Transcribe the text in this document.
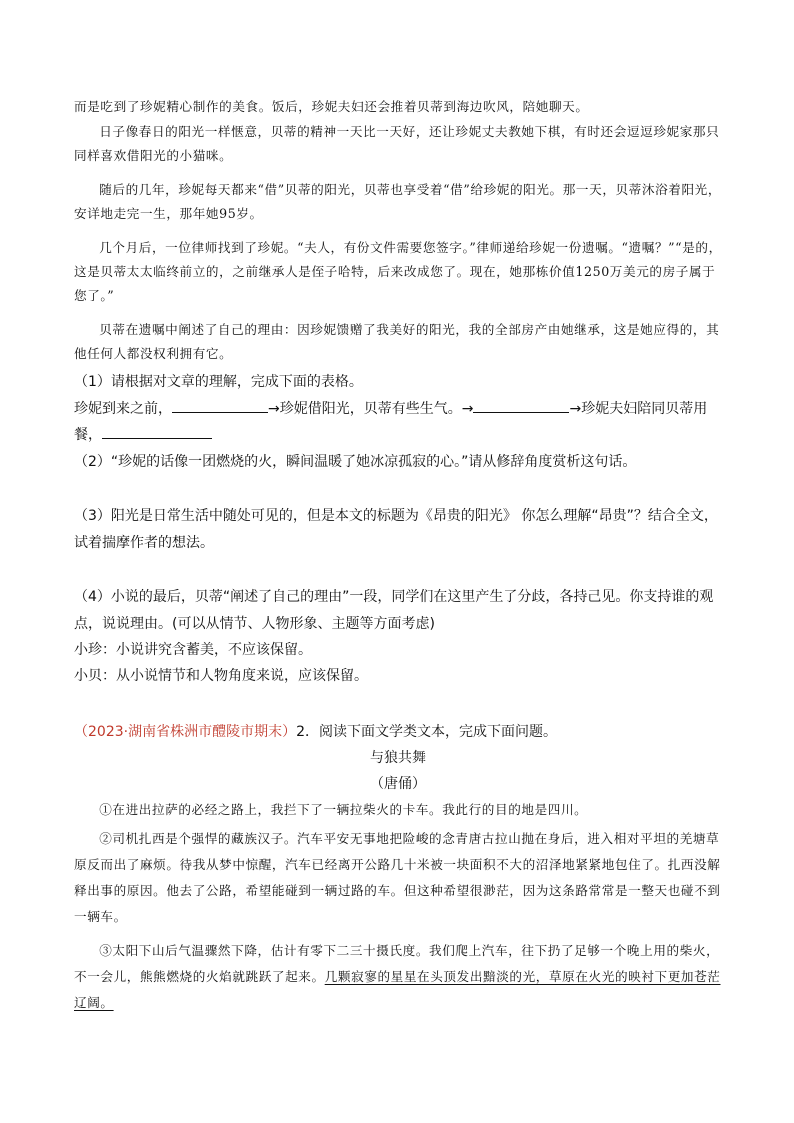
而是吃到了珍妮精心制作的美食。饭后，珍妮夫妇还会推着贝蒂到海边吹风，陪她聊天。

日子像春日的阳光一样惬意，贝蒂的精神一天比一天好，还让珍妮丈夫教她下棋，有时还会逗逗珍妮家那只同样喜欢借阳光的小猫咪。

随后的几年，珍妮每天都来“借”贝蒂的阳光，贝蒂也享受着“借”给珍妮的阳光。那一天，贝蒂沐浴着阳光，安详地走完一生，那年她95岁。

几个月后，一位律师找到了珍妮。“夫人，有份文件需要您签字。”律师递给珍妮一份遗嘱。“遗嘱？”“是的，这是贝蒂太太临终前立的，之前继承人是侄子哈特，后来改成您了。现在，她那栋价值1250万美元的房子属于您了。”

贝蒂在遗嘱中阐述了自己的理由：因珍妮馈赠了我美好的阳光，我的全部房产由她继承，这是她应得的，其他任何人都没权利拥有它。

（1）请根据对文章的理解，完成下面的表格。

珍妮到来之前，	→珍妮借阳光，贝蒂有些生气。→	→珍妮夫妇陪同贝蒂用餐，

（2）“珍妮的话像一团燃烧的火，瞬间温暖了她冰凉孤寂的心。”请从修辞角度赏析这句话。

（3）阳光是日常生活中随处可见的，但是本文的标题为《昂贵的阳光》 你怎么理解“昂贵”？结合全文，试着揣摩作者的想法。

（4）小说的最后，贝蒂“阐述了自己的理由”一段，同学们在这里产生了分歧，各持己见。你支持谁的观点，说说理由。(可以从情节、人物形象、主题等方面考虑)

小珍：小说讲究含蓄美，不应该保留。

小贝：从小说情节和人物角度来说，应该保留。

（2023·湖南省株洲市醴陵市期末）2．阅读下面文学类文本，完成下面问题。

与狼共舞

（唐俑）

①在进出拉萨的必经之路上，我拦下了一辆拉柴火的卡车。我此行的目的地是四川。

②司机扎西是个强悍的藏族汉子。汽车平安无事地把险峻的念青唐古拉山抛在身后，进入相对平坦的羌塘草原反而出了麻烦。待我从梦中惊醒，汽车已经离开公路几十米被一块面积不大的沼泽地紧紧地包住了。扎西没解释出事的原因。他去了公路，希望能碰到一辆过路的车。但这种希望很渺茫，因为这条路常常是一整天也碰不到一辆车。

③太阳下山后气温骤然下降，估计有零下二三十摄氏度。我们爬上汽车，往下扔了足够一个晚上用的柴火，不一会儿，熊熊燃烧的火焰就跳跃了起来。几颗寂寥的星星在头顶发出黯淡的光，草原在火光的映衬下更加苍茫辽阔。
